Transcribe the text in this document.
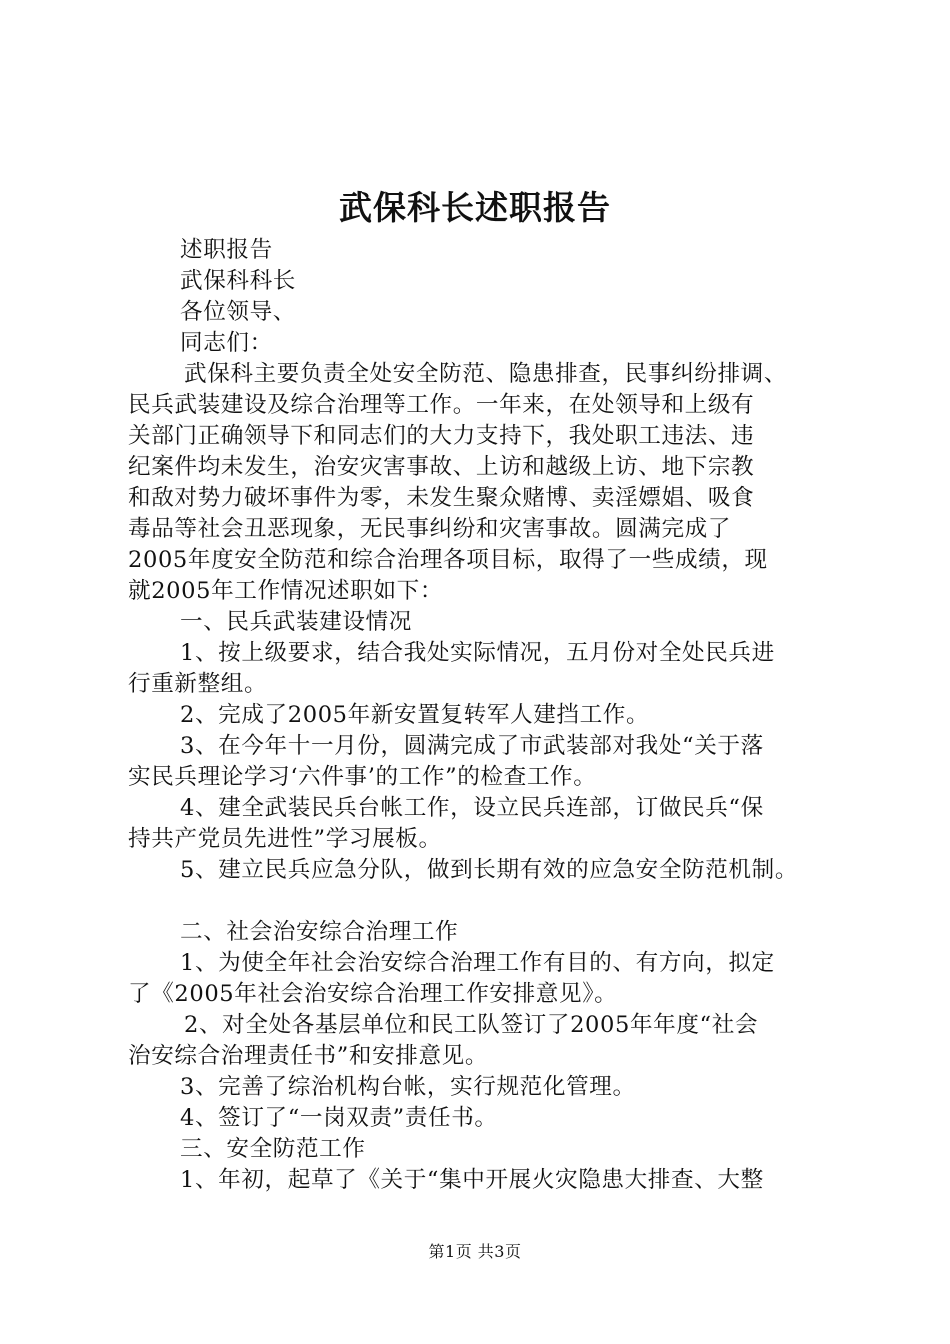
武保科长述职报告

述职报告

武保科科长

各位领导、

同志们：

武保科主要负责全处安全防范、隐患排查，民事纠纷排调、

民兵武装建设及综合治理等工作。一年来，在处领导和上级有

关部门正确领导下和同志们的大力支持下，我处职工违法、违

纪案件均未发生，治安灾害事故、上访和越级上访、地下宗教

和敌对势力破坏事件为零，未发生聚众赌博、卖淫嫖娼、吸食

毒品等社会丑恶现象，无民事纠纷和灾害事故。圆满完成了

2005年度安全防范和综合治理各项目标，取得了一些成绩，现

就2005年工作情况述职如下：

一、民兵武装建设情况

1、按上级要求，结合我处实际情况，五月份对全处民兵进

行重新整组。

2、完成了2005年新安置复转军人建挡工作。

3、在今年十一月份，圆满完成了市武装部对我处“关于落

实民兵理论学习‘六件事’的工作”的检查工作。

4、建全武装民兵台帐工作，设立民兵连部，订做民兵“保

持共产党员先进性”学习展板。

5、建立民兵应急分队，做到长期有效的应急安全防范机制。

二、社会治安综合治理工作

1、为使全年社会治安综合治理工作有目的、有方向，拟定

了《2005年社会治安综合治理工作安排意见》。

2、对全处各基层单位和民工队签订了2005年年度“社会

治安综合治理责任书”和安排意见。

3、完善了综治机构台帐，实行规范化管理。

4、签订了“一岗双责”责任书。

三、安全防范工作

1、年初，起草了《关于“集中开展火灾隐患大排查、大整

第1页 共3页
